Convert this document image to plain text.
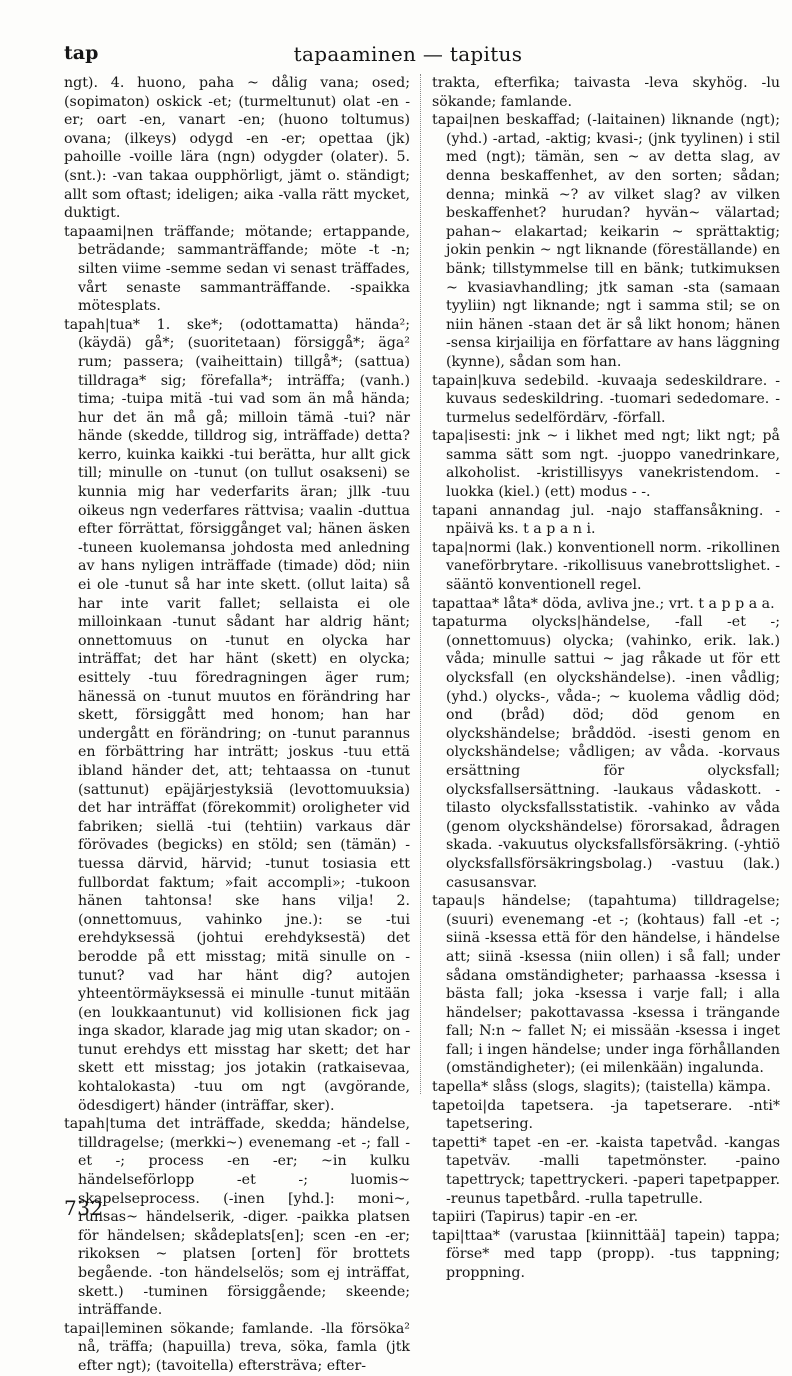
tap	tapaaminen — tapitus

ngt). 4. huono, paha ~ dålig vana; osed; (sopimaton) oskick -et; (turmeltunut) olat -en -er; oart -en, vanart -en; (huono toltumus) ovana; (ilkeys) odygd -en -er; opettaa (jk) pahoille -voille lära (ngn) odygder (olater). 5. (snt.): -van takaa oupphörligt, jämt o. ständigt; allt som oftast; ideligen; aika -valla rätt mycket, duktigt.

tapaami|nen träffande; mötande; ertappande, beträdande; sammanträffande; möte -t -n; silten viime -semme sedan vi senast träffades, vårt senaste sammanträffande. -spaikka mötesplats.

tapah|tua* 1. ske*; (odottamatta) hända²; (käydä) gå*; (suoritetaan) försiggå*; äga² rum; passera; (vaiheittain) tillgå*; (sattua) tilldraga* sig; förefalla*; inträffa; (vanh.) tima; -tuipa mitä -tui vad som än må hända; hur det än må gå; milloin tämä -tui? när hände (skedde, tilldrog sig, inträffade) detta? kerro, kuinka kaikki -tui berätta, hur allt gick till; minulle on -tunut (on tullut osakseni) se kunnia mig har vederfarits äran; jllk -tuu oikeus ngn vederfares rättvisa; vaalin -duttua efter förrättat, försiggånget val; hänen äsken -tuneen kuolemansa johdosta med anledning av hans nyligen inträffade (timade) död; niin ei ole -tunut så har inte skett. (ollut laita) så har inte varit fallet; sellaista ei ole milloinkaan -tunut sådant har aldrig hänt; onnettomuus on -tunut en olycka har inträffat; det har hänt (skett) en olycka; esittely -tuu föredragningen äger rum; hänessä on -tunut muutos en förändring har skett, försiggått med honom; han har undergått en förändring; on -tunut parannus en förbättring har inträtt; joskus -tuu että ibland händer det, att; tehtaassa on -tunut (sattunut) epäjärjestyksiä (levottomuuksia) det har inträffat (förekommit) oroligheter vid fabriken; siellä -tui (tehtiin) varkaus där förövades (begicks) en stöld; sen (tämän) -tuessa därvid, härvid; -tunut tosiasia ett fullbordat faktum; »fait accompli»; -tukoon hänen tahtonsa! ske hans vilja! 2. (onnettomuus, vahinko jne.): se -tui erehdyksessä (johtui erehdyksestä) det berodde på ett misstag; mitä sinulle on -tunut? vad har hänt dig? autojen yhteentörmäyksessä ei minulle -tunut mitään (en loukkaantunut) vid kollisionen fick jag inga skador, klarade jag mig utan skador; on -tunut erehdys ett misstag har skett; det har skett ett misstag; jos jotakin (ratkaisevaa, kohtalokasta) -tuu om ngt (avgörande, ödesdigert) händer (inträffar, sker).

tapah|tuma det inträffade, skedda; händelse, tilldragelse; (merkki~) evenemang -et -; fall -et -; process -en -er; ~in kulku händelseförlopp -et -; luomis~ skapelseprocess. (-inen [yhd.]: moni~, runsas~ händelserik, -diger. -paikka platsen för händelsen; skådeplats[en]; scen -en -er; rikoksen ~ platsen [orten] för brottets begående. -ton händelselös; som ej inträffat, skett.) -tuminen försiggående; skeende; inträffande.

tapai|leminen sökande; famlande. -lla försöka² nå, träffa; (hapuilla) treva, söka, famla (jtk efter ngt); (tavoitella) eftersträva; efter-

trakta, efterfika; taivasta -leva skyhög. -lu sökande; famlande.

tapai|nen beskaffad; (-laitainen) liknande (ngt); (yhd.) -artad, -aktig; kvasi-; (jnk tyylinen) i stil med (ngt); tämän, sen ~ av detta slag, av denna beskaffenhet, av den sorten; sådan; denna; minkä ~? av vilket slag? av vilken beskaffenhet? hurudan? hyvän~ välartad; pahan~ elakartad; keikarin ~ sprättaktig; jokin penkin ~ ngt liknande (föreställande) en bänk; tillstymmelse till en bänk; tutkimuksen ~ kvasiavhandling; jtk saman -sta (samaan tyyliin) ngt liknande; ngt i samma stil; se on niin hänen -staan det är så likt honom; hänen -sensa kirjailija en författare av hans läggning (kynne), sådan som han.

tapain|kuva sedebild. -kuvaaja sedeskildrare. -kuvaus sedeskildring. -tuomari sededomare. -turmelus sedelfördärv, -förfall.

tapa|isesti: jnk ~ i likhet med ngt; likt ngt; på samma sätt som ngt. -juoppo vanedrinkare, alkoholist. -kristillisyys vanekristendom. -luokka (kiel.) (ett) modus - -.

tapani annandag jul. -najo staffansåkning. -npäivä ks. t a p a n i.

tapa|normi (lak.) konventionell norm. -rikollinen vaneförbrytare. -rikollisuus vanebrottslighet. -sääntö konventionell regel.

tapattaa* låta* döda, avliva jne.; vrt. t a p p a a.

tapaturma olycks|händelse, -fall -et -; (onnettomuus) olycka; (vahinko, erik. lak.) våda; minulle sattui ~ jag råkade ut för ett olycksfall (en olyckshändelse). -inen vådlig; (yhd.) olycks-, våda-; ~ kuolema vådlig död; ond (bråd) död; död genom en olyckshändelse; bråddöd. -isesti genom en olyckshändelse; vådligen; av våda. -korvaus ersättning för olycksfall; olycksfallsersättning. -laukaus vådaskott. -tilasto olycksfallsstatistik. -vahinko av våda (genom olyckshändelse) förorsakad, ådragen skada. -vakuutus olycksfallsförsäkring. (-yhtiö olycksfallsförsäkringsbolag.) -vastuu (lak.) casusansvar.

tapau|s händelse; (tapahtuma) tilldragelse; (suuri) evenemang -et -; (kohtaus) fall -et -; siinä -ksessa että för den händelse, i händelse att; siinä -ksessa (niin ollen) i så fall; under sådana omständigheter; parhaassa -ksessa i bästa fall; joka -ksessa i varje fall; i alla händelser; pakottavassa -ksessa i trängande fall; N:n ~ fallet N; ei missään -ksessa i inget fall; i ingen händelse; under inga förhållanden (omständigheter); (ei milenkään) ingalunda.

tapella* slåss (slogs, slagits); (taistella) kämpa.

tapetoi|da tapetsera. -ja tapetserare. -nti* tapetsering.

tapetti* tapet -en -er. -kaista tapetvåd. -kangas tapetväv. -malli tapetmönster. -paino tapettryck; tapettryckeri. -paperi tapetpapper. -reunus tapetbård. -rulla tapetrulle.

tapiiri (Tapirus) tapir -en -er.

tapi|ttaa* (varustaa [kiinnittää] tapein) tappa; förse* med tapp (propp). -tus tappning; proppning.

732
